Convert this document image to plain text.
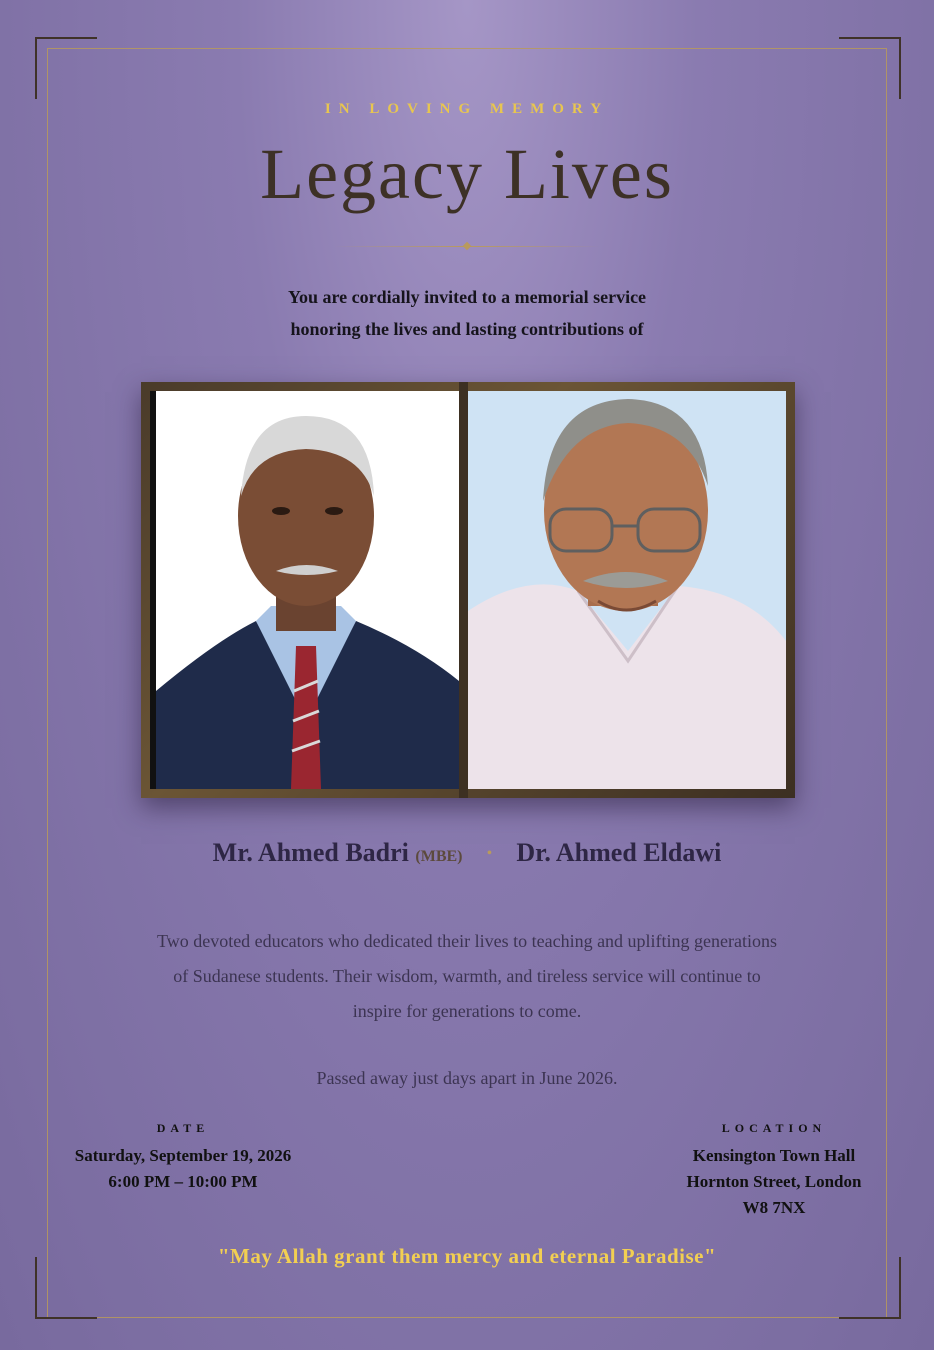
IN LOVING MEMORY
Legacy Lives
You are cordially invited to a memorial service
honoring the lives and lasting contributions of
Mr. Ahmed Badri (MBE) • Dr. Ahmed Eldawi
Two devoted educators who dedicated their lives to teaching and uplifting generations
of Sudanese students. Their wisdom, warmth, and tireless service will continue to
inspire for generations to come.
Passed away just days apart in June 2026.
DATE
Saturday, September 19, 2026
6:00 PM – 10:00 PM
LOCATION
Kensington Town Hall
Hornton Street, London
W8 7NX
"May Allah grant them mercy and eternal Paradise"
